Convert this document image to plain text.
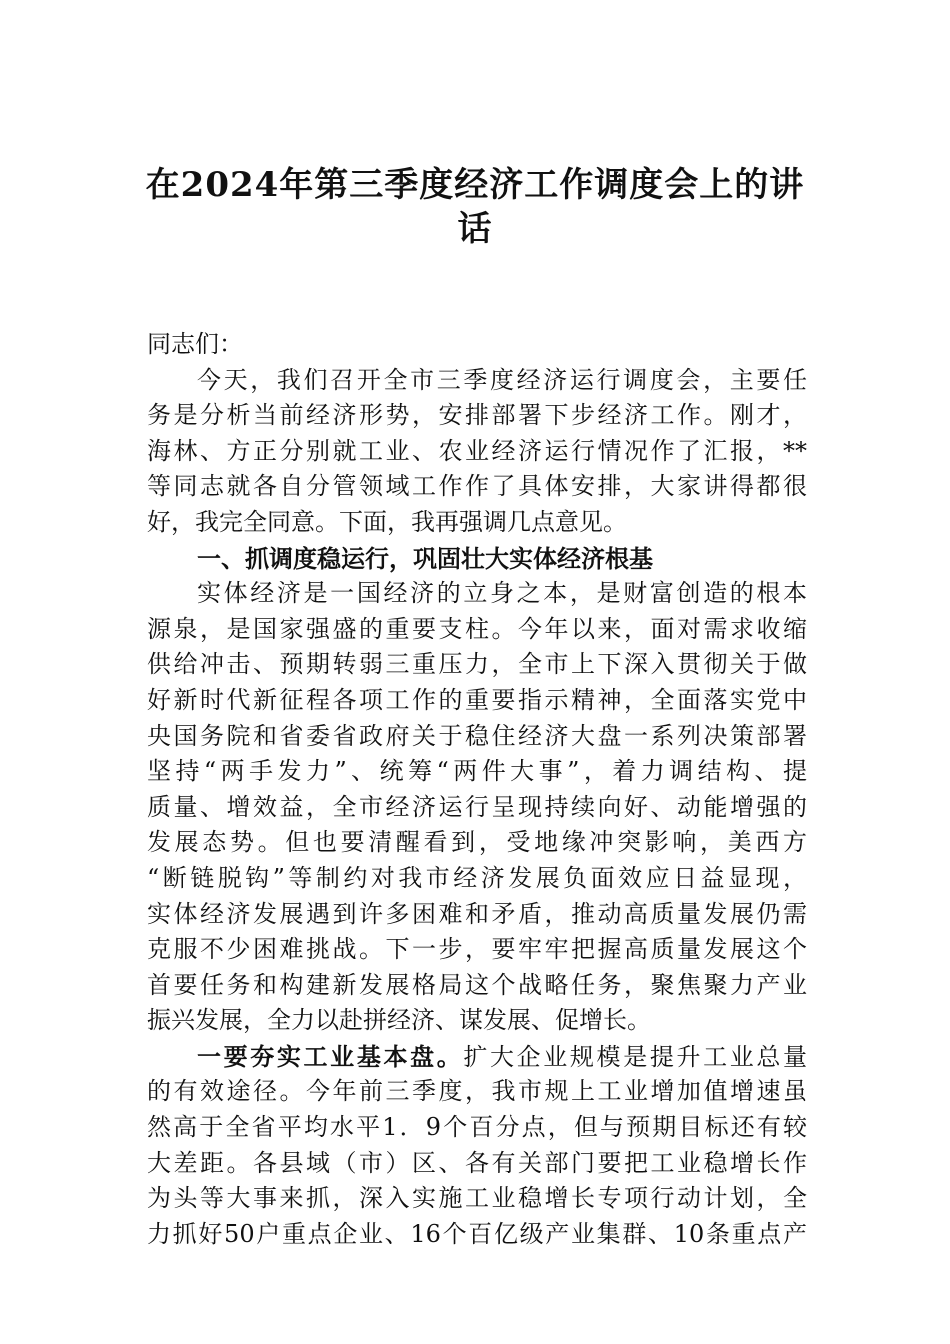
在2024年第三季度经济工作调度会上的讲
话
同志们：
今天，我们召开全市三季度经济运行调度会，主要任
务是分析当前经济形势，安排部署下步经济工作。刚才，
海林、方正分别就工业、农业经济运行情况作了汇报，**
等同志就各自分管领域工作作了具体安排，大家讲得都很
好，我完全同意。下面，我再强调几点意见。
一、抓调度稳运行，巩固壮大实体经济根基
实体经济是一国经济的立身之本，是财富创造的根本
源泉，是国家强盛的重要支柱。今年以来，面对需求收缩
供给冲击、预期转弱三重压力，全市上下深入贯彻关于做
好新时代新征程各项工作的重要指示精神，全面落实党中
央国务院和省委省政府关于稳住经济大盘一系列决策部署
坚持“两手发力”、统筹“两件大事”，着力调结构、提
质量、增效益，全市经济运行呈现持续向好、动能增强的
发展态势。但也要清醒看到，受地缘冲突影响，美西方
“断链脱钩”等制约对我市经济发展负面效应日益显现，
实体经济发展遇到许多困难和矛盾，推动高质量发展仍需
克服不少困难挑战。下一步，要牢牢把握高质量发展这个
首要任务和构建新发展格局这个战略任务，聚焦聚力产业
振兴发展，全力以赴拼经济、谋发展、促增长。
一要夯实工业基本盘。扩大企业规模是提升工业总量
的有效途径。今年前三季度，我市规上工业增加值增速虽
然高于全省平均水平1．9个百分点，但与预期目标还有较
大差距。各县域（市）区、各有关部门要把工业稳增长作
为头等大事来抓，深入实施工业稳增长专项行动计划，全
力抓好50户重点企业、16个百亿级产业集群、10条重点产
